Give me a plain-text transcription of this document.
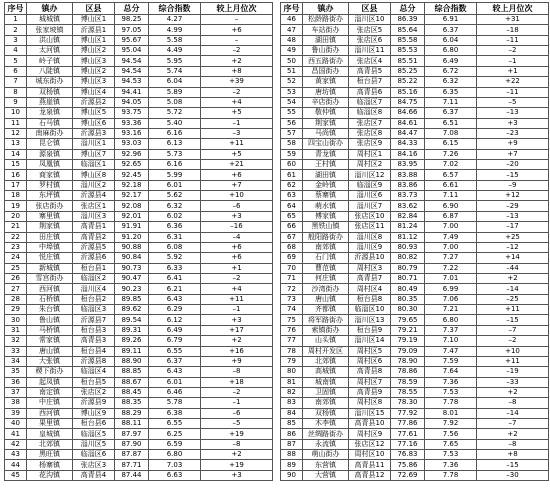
序号	镇办	区县	总分	综合指数	较上月位次
1	城城镇	博山区1	98.25	4.27	–
2	张家坡镇	沂源县1	97.05	4.99	+6
3	洪山镇	博山区1	95.67	5.58	–
4	太河镇	博山区2	95.04	4.49	–2
5	岭子镇	博山区3	94.54	5.95	+2
6	八陡镇	博山区2	94.54	5.74	+8
7	城东街办	博山区3	94.53	6.04	+39
8	双杨镇	博山区4	94.41	5.89	–2
9	燕崖镇	沂源县2	94.05	5.08	+4
10	龙泉镇	博山区5	93.75	5.72	+5
11	石马镇	博山区6	93.36	5.40	–1
12	南麻街办	沂源县3	93.16	6.16	–3
13	昆仑镇	淄川区1	93.03	6.13	+11
14	源泉镇	博山区7	92.96	5.73	+5
15	凤凰镇	临淄区1	92.65	6.16	+21
16	商家镇	博山区8	92.45	5.99	+6
17	罗村镇	淄川区2	92.18	6.01	+7
18	东坪镇	沂源县4	92.17	5.62	+10
19	张店街办	张店区1	92.08	6.32	–6
20	寨里镇	淄川区3	92.01	6.02	+3
21	荆家镇	高青县1	91.91	6.36	–16
22	田庄镇	高青县2	91.20	6.31	–4
23	中埠镇	沂源县5	90.88	6.08	+6
24	悦庄镇	沂源县6	90.84	5.92	+6
25	新城镇	桓台县1	90.73	6.33	+1
26	雪宫街办	临淄区2	90.47	6.41	–2
27	西河镇	淄川区4	90.23	6.21	+4
28	石桥镇	桓台县2	89.85	6.43	+11
29	朱台镇	临淄区3	89.62	6.29	–1
30	鲁山镇	沂源县7	89.54	6.12	+3
31	马桥镇	桓台县3	89.31	6.49	+17
32	常家镇	高青县3	89.26	6.79	+2
33	唐山镇	桓台县4	89.11	6.55	+16
34	大张镇	沂源县8	88.90	6.37	+9
35	稷下街办	临淄区4	88.85	6.43	–8
36	起凤镇	桓台县5	88.67	6.01	+18
37	南定镇	张店区2	88.45	6.46	–2
38	中庄镇	沂源县9	88.35	5.78	–1
39	西河镇	博山区9	88.29	6.38	–6
40	果里镇	桓台县6	88.11	6.55	–5
41	皇城镇	临淄区5	87.97	6.25	+19
42	北郊镇	淄川区5	87.90	6.59	–8
43	黑旺镇	临淄区6	87.87	6.80	+2
44	杨寨镇	张店区3	87.71	7.03	+19
45	花沟镇	高青县4	87.44	6.63	+3
序号	镇办	区县	总分	综合指数	较上月位次
46	松龄路街办	淄川区10	86.39	6.91	+31
47	车站街办	张店区5	85.64	6.37	–18
48	湖田镇	张店区6	85.58	6.04	–11
49	鲁山街办	淄川区11	85.53	6.80	–2
50	西五路街办	张店区4	85.51	6.49	–1
51	昌国街办	高青县5	85.25	6.72	+1
52	黄家镇	桓台县7	85.22	6.32	+22
53	唐坊镇	高青县6	85.16	6.35	–11
54	辛店街办	临淄区7	84.75	7.11	–5
55	敬仲镇	临淄区8	84.66	6.37	–13
56	荆家镇	张店区7	84.61	6.51	+3
57	马尚镇	张店区8	84.47	7.08	–23
58	四宝山街办	张店区9	84.33	6.15	+9
59	青龙镇	周村区1	84.16	7.26	+7
60	王村镇	周村区2	83.95	7.02	–20
61	湖田镇	淄川区12	83.88	6.57	–15
62	金岭镇	临淄区9	83.86	6.61	–9
63	蔡寨镇	淄川区6	83.73	7.11	+12
64	萌水镇	淄川区7	83.62	6.90	–29
65	傅家镇	张店区10	82.84	6.87	–13
66	黑铁山镇	张店区11	81.24	7.00	–17
67	般阳路街办	淄川区8	81.12	7.49	+25
68	南郊镇	淄川区9	80.93	7.00	–12
69	石门镇	沂源县10	80.82	7.27	+14
70	曹范镇	周村区3	80.79	7.22	–44
71	何庄镇	高青县7	80.71	7.01	+2
72	沙湾街办	周村区4	80.49	6.99	–14
73	唐山镇	桓台县8	80.35	7.06	–25
74	齐都镇	临淄区10	80.30	7.21	+11
75	将军路街办	淄川区13	79.65	6.80	–15
76	索镇街办	桓台县9	79.21	7.37	–7
77	山头镇	淄川区14	79.19	7.10	–2
78	周村开发区	周村区5	79.09	7.47	+10
79	北郊镇	周村区6	78.90	7.59	+11
80	高城镇	高青县8	78.86	7.64	–19
81	城南镇	周村区7	78.59	7.36	–33
82	卫固镇	高青县9	78.55	7.53	+2
83	南郊镇	周村区8	78.30	7.78	–8
84	双杨镇	淄川区15	77.92	8.01	–14
85	木李镇	高青县10	77.86	7.92	–7
86	丝绸路街办	周村区9	77.61	7.56	+2
87	永流镇	张店区12	77.16	7.65	–8
88	萌山街办	周村区10	76.83	7.53	+8
89	东营镇	高青县11	75.86	7.36	–15
90	大营镇	高青县12	72.69	7.78	–30
